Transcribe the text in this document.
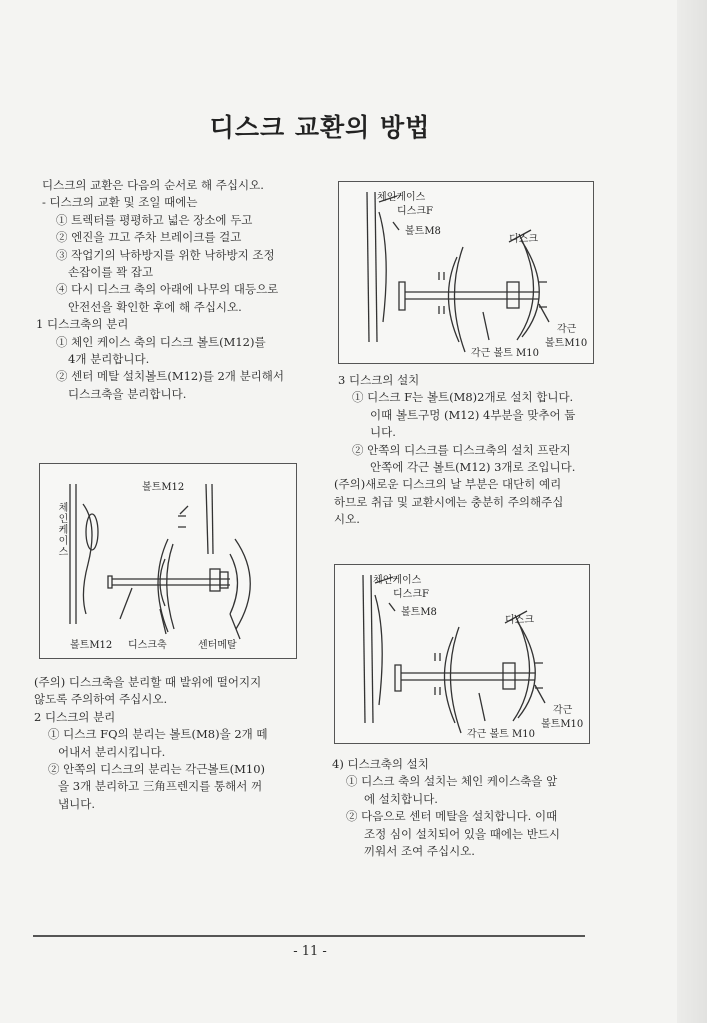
디스크 교환의 방법

디스크의 교환은 다음의 순서로 해 주십시오.

- 디스크의 교환 및 조일 때에는

① 트렉터를 평평하고 넓은 장소에 두고

② 엔진을 끄고 주차 브레이크를 걸고

③ 작업기의 낙하방지를 위한 낙하방지 조정

손잡이를 꽉 잡고

④ 다시 디스크 축의 아래에 나무의 대등으로

안전선을 확인한 후에 해 주십시오.

1 디스크축의 분리

① 체인 케이스 축의 디스크 볼트(M12)를

4개 분리합니다.

② 센터 메탈 설치볼트(M12)를 2개 분리해서

디스크축을 분리합니다.

볼트M12
체인케이스
볼트M12 디스크축	센터메탈

(주의) 디스크축을 분리할 때 발위에 떨어지지

않도록 주의하여 주십시오.

2 디스크의 분리

① 디스크 FQ의 분리는 볼트(M8)을 2개 떼

어내서 분리시킵니다.

② 안쪽의 디스크의 분리는 각근볼트(M10)

을 3개 분리하고 三角프렌지를 통해서 꺼

냅니다.

체인케이스
디스크F
볼트M8
디스크
각근
볼트M10
각근 볼트 M10

3 디스크의 설치

① 디스크 F는 볼트(M8)2개로 설치 합니다.

이때 볼트구멍 (M12) 4부분을 맞추어 둡

니다.

② 안쪽의 디스크를 디스크축의 설치 프란지

안쪽에 각근 볼트(M12) 3개로 조입니다.

(주의)새로운 디스크의 날 부분은 대단히 예리

하므로 취급 및 교환시에는 충분히 주의해주십

시오.

체인케이스
디스크F
볼트M8
디스크
각근
볼트M10
각근 볼트 M10

4) 디스크축의 설치

① 디스크 축의 설치는 체인 케이스축을 앞

에 설치합니다.

② 다음으로 센터 메탈을 설치합니다. 이때

조정 심이 설치되어 있을 때에는 반드시

끼워서 조여 주십시오.

- 11 -
